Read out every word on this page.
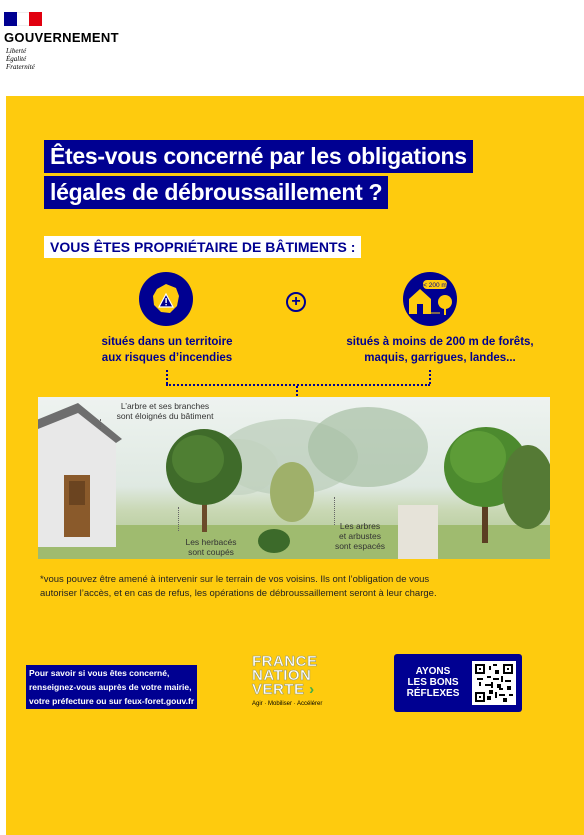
GOUVERNEMENT
Liberté
Égalité
Fraternité
Êtes-vous concerné par les obligations
légales de débroussaillement ?
VOUS ÊTES PROPRIÉTAIRE DE BÂTIMENTS :
+
< 200 m
situés dans un territoire
aux risques d’incendies
situés à moins de 200 m de forêts,
maquis, garrigues, landes...
L’arbre et ses branches
sont éloignés du bâtiment
Les herbacés
sont coupés
Les arbres
et arbustes
sont espacés
*vous pouvez être amené à intervenir sur le terrain de vos voisins. Ils ont l’obligation de vous
autoriser l’accès, et en cas de refus, les opérations de débroussaillement seront à leur charge.
Pour savoir si vous êtes concerné,
renseignez-vous auprès de votre mairie,
votre préfecture ou sur feux-foret.gouv.fr
FRANCE
NATION
VERTE ›
Agir · Mobiliser · Accélérer
AYONS
LES BONS
RÉFLEXES
